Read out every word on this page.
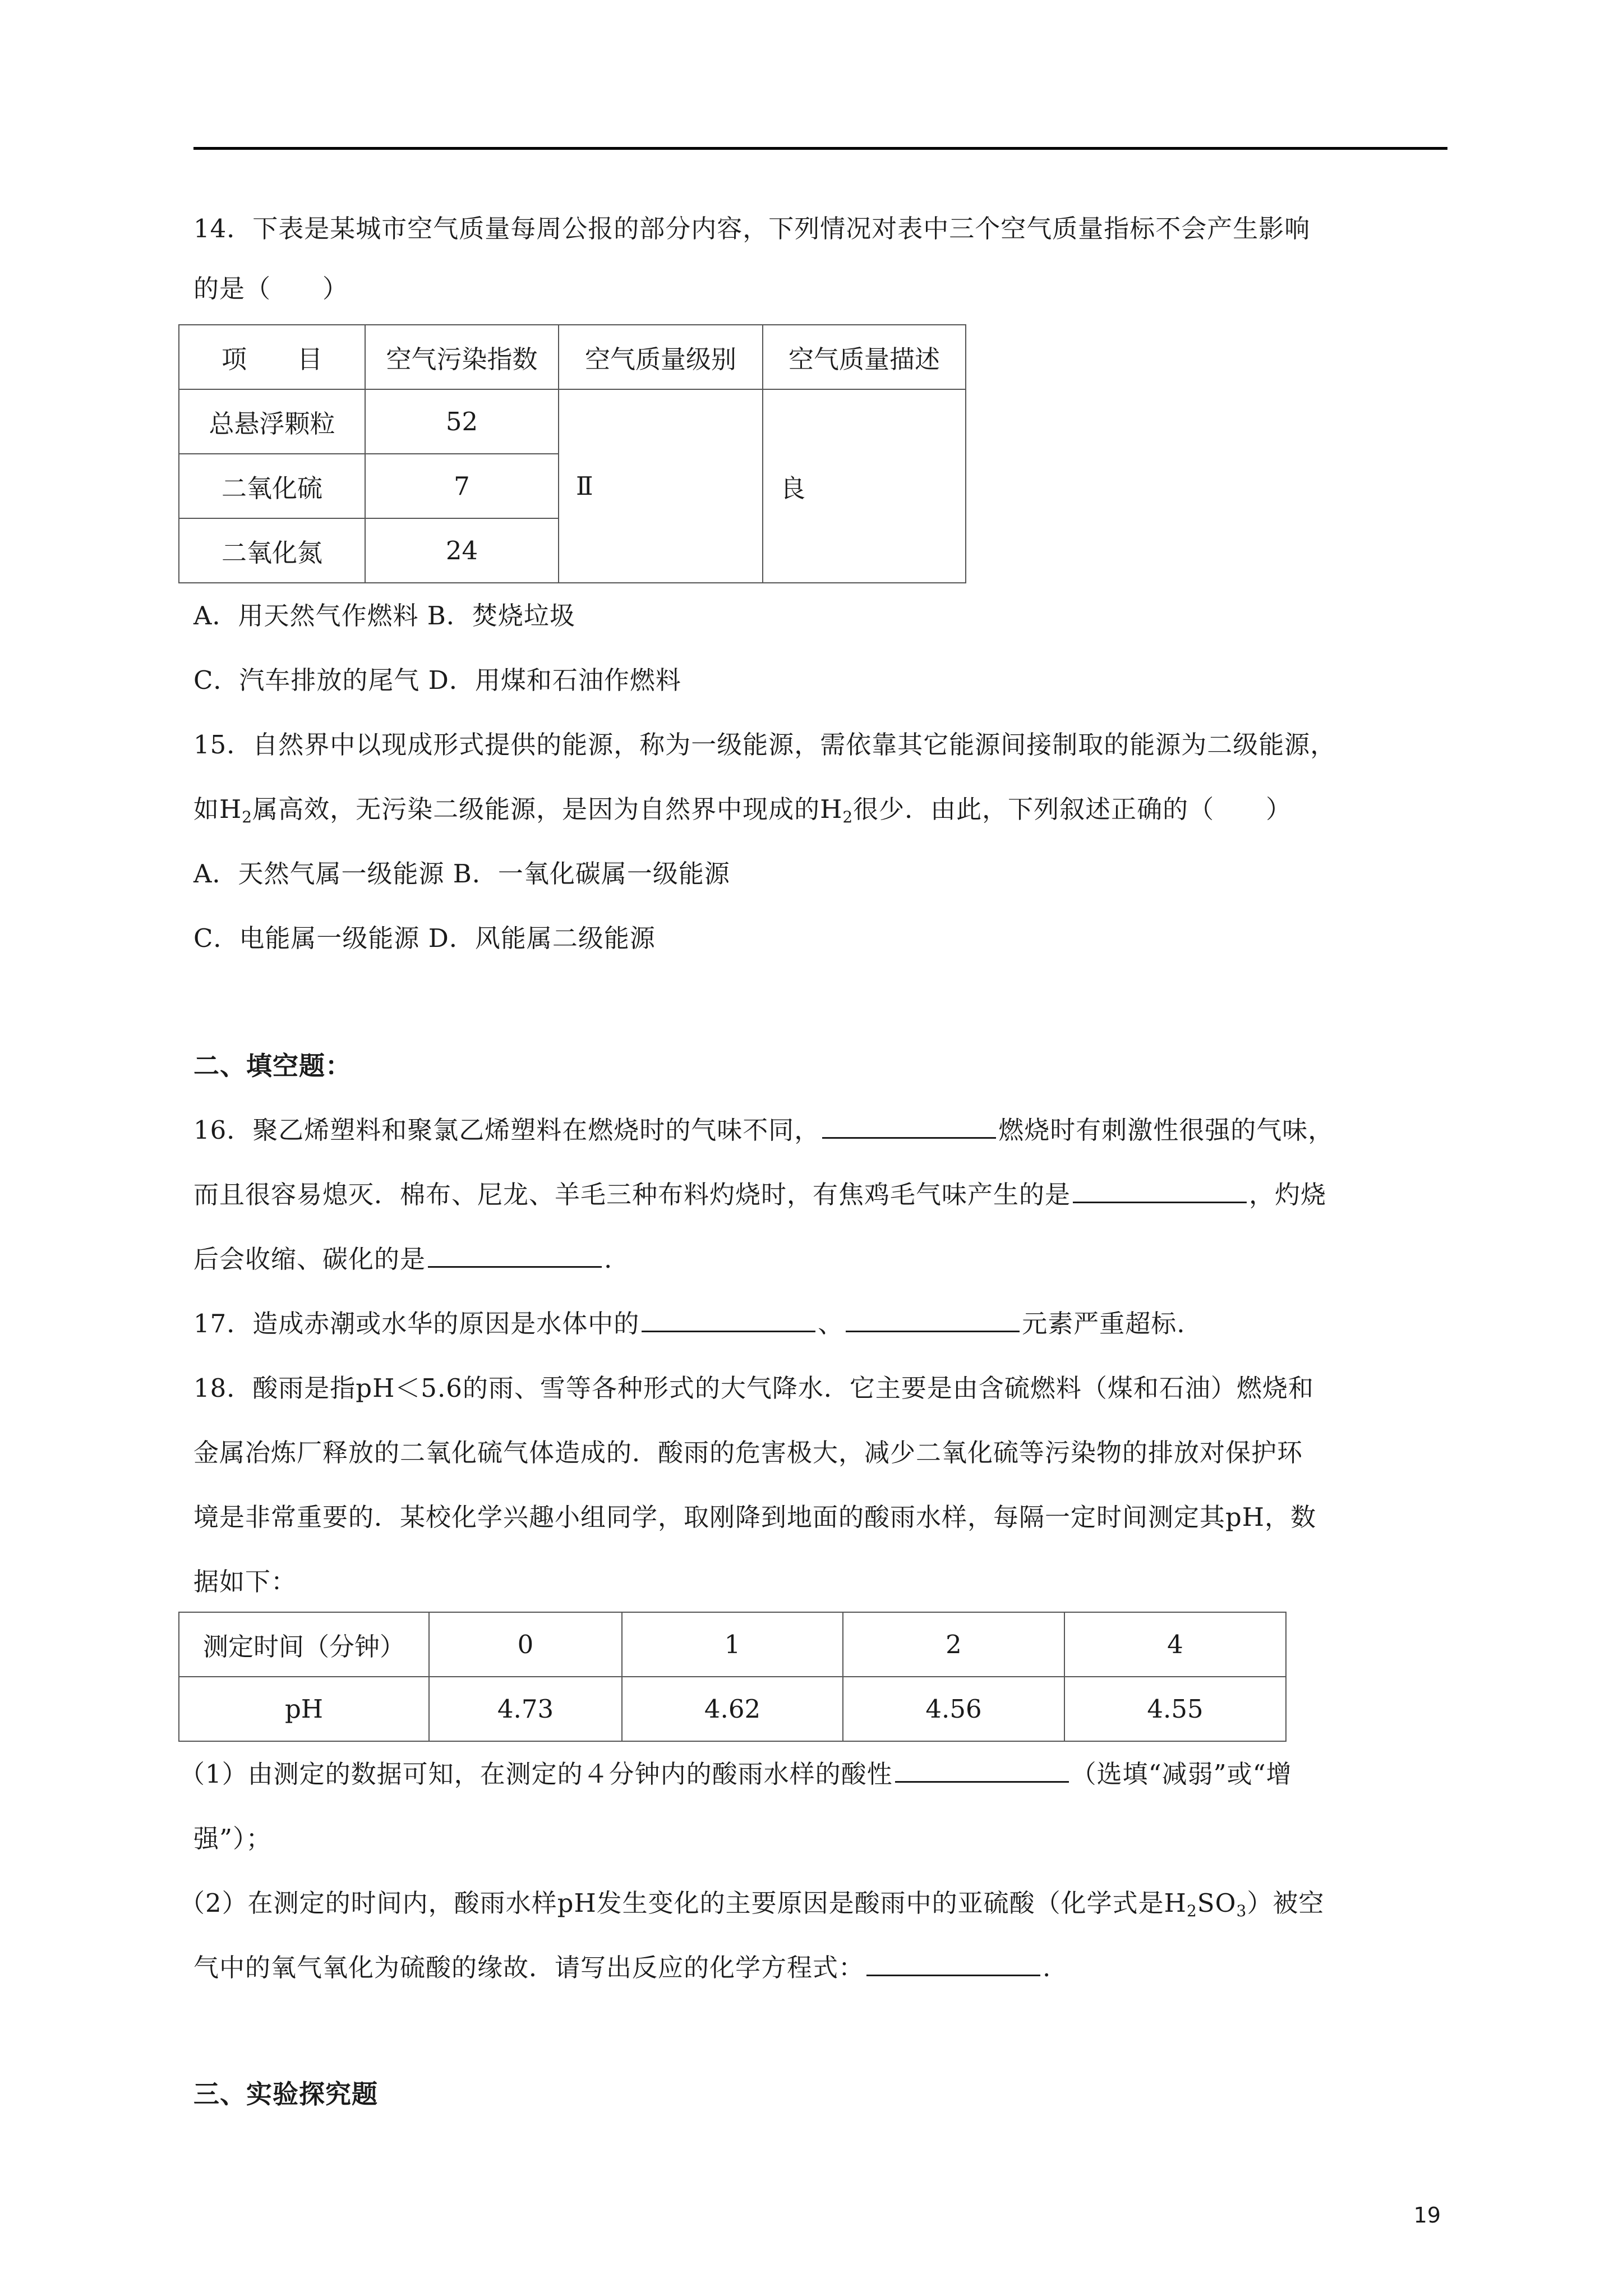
14．下表是某城市空气质量每周公报的部分内容，下列情况对表中三个空气质量指标不会产生影响
的是（　　）
项　　目	空气污染指数	空气质量级别	空气质量描述
总悬浮颗粒	52	Ⅱ	良
二氧化硫	7		
二氧化氮	24		
A．用天然气作燃料 B．焚烧垃圾
C．汽车排放的尾气 D．用煤和石油作燃料
15．自然界中以现成形式提供的能源，称为一级能源，需依靠其它能源间接制取的能源为二级能源，
如$H_2$属高效，无污染二级能源，是因为自然界中现成的$H_2$很少．由此，下列叙述正确的（　　）
A．天然气属一级能源 B．一氧化碳属一级能源
C．电能属一级能源 D．风能属二级能源
二、填空题：
16．聚乙烯塑料和聚氯乙烯塑料在燃烧时的气味不同，	燃烧时有刺激性很强的气味，
而且很容易熄灭．棉布、尼龙、羊毛三种布料灼烧时，有焦鸡毛气味产生的是	，灼烧
后会收缩、碳化的是	.
17．造成赤潮或水华的原因是水体中的	、	元素严重超标.
18．酸雨是指pH＜5.6的雨、雪等各种形式的大气降水．它主要是由含硫燃料（煤和石油）燃烧和
金属冶炼厂释放的二氧化硫气体造成的．酸雨的危害极大，减少二氧化硫等污染物的排放对保护环
境是非常重要的．某校化学兴趣小组同学，取刚降到地面的酸雨水样，每隔一定时间测定其pH，数
据如下：
测定时间（分钟）	0	1	2	4
pH	4.73	4.62	4.56	4.55
（1）由测定的数据可知，在测定的４分钟内的酸雨水样的酸性	（选填“减弱”或“增
强”）；
（2）在测定的时间内，酸雨水样pH发生变化的主要原因是酸雨中的亚硫酸（化学式是$H_2SO_3$）被空
气中的氧气氧化为硫酸的缘故．请写出反应的化学方程式：	.
三、实验探究题
19
